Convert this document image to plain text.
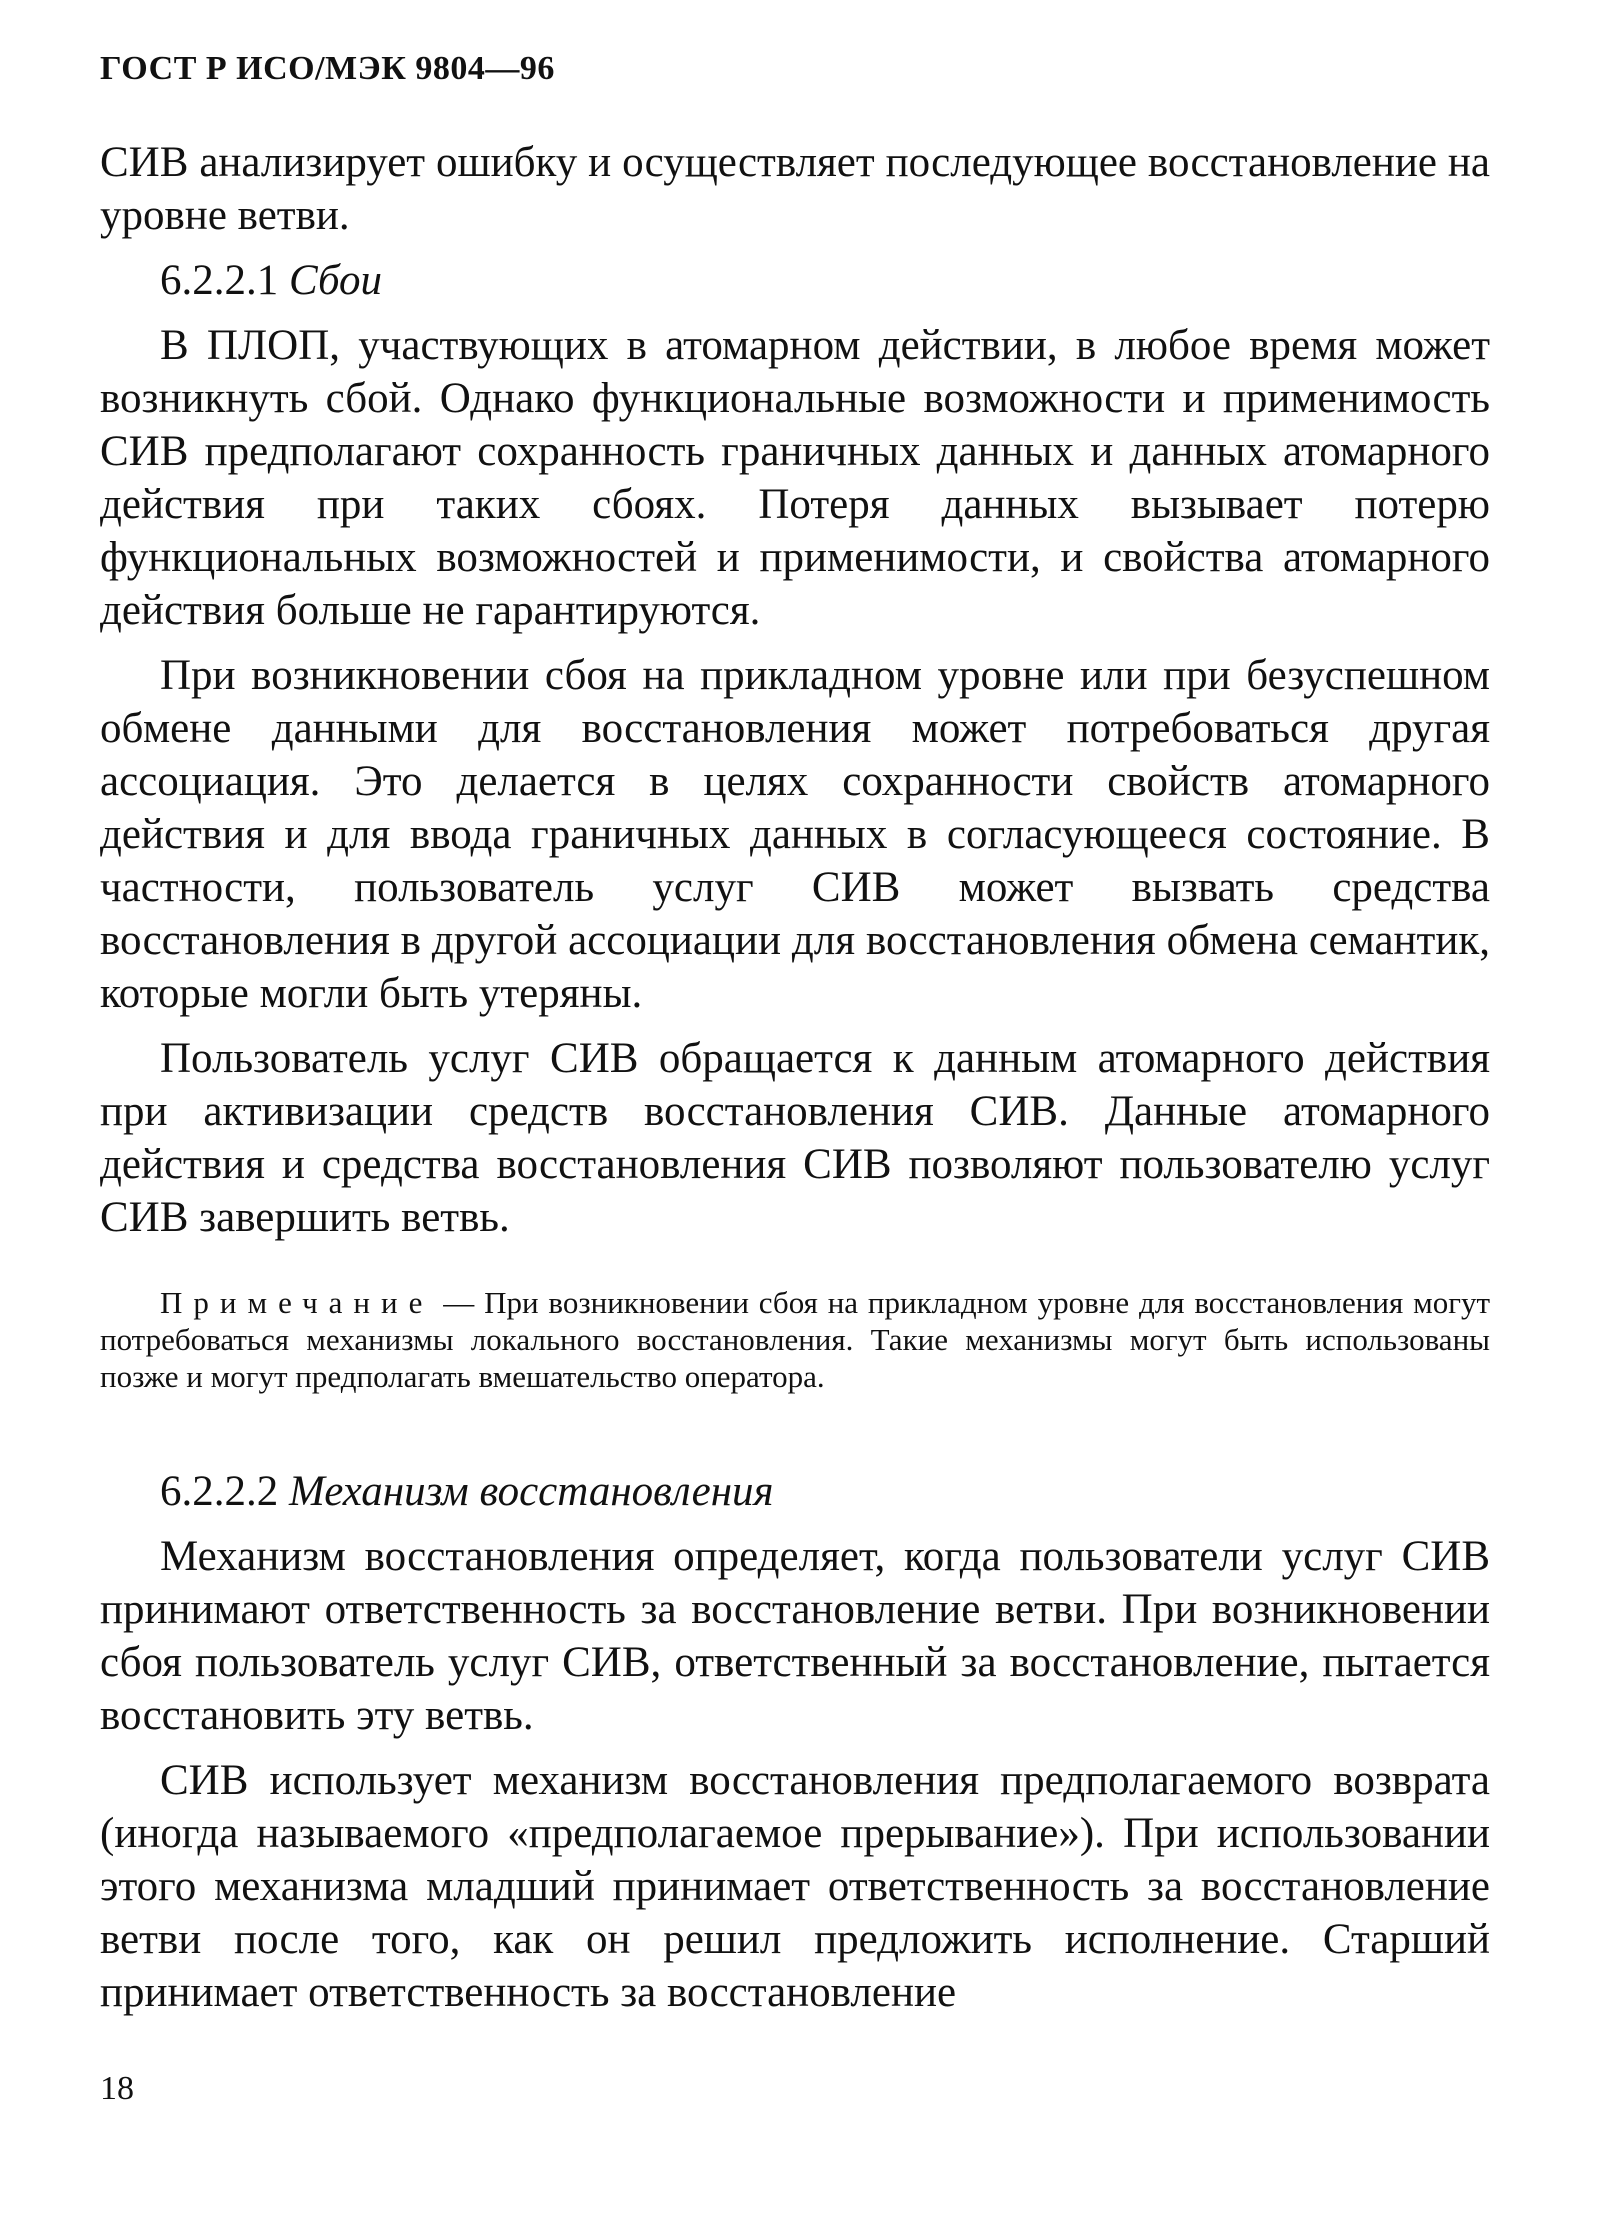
ГОСТ Р ИСО/МЭК 9804—96

СИВ анализирует ошибку и осуществляет последующее восстановление на уровне ветви.

6.2.2.1 Сбои

В ПЛОП, участвующих в атомарном действии, в любое время может возникнуть сбой. Однако функциональные возможности и применимость СИВ предполагают сохранность граничных данных и данных атомарного действия при таких сбоях. Потеря данных вызывает потерю функциональных возможностей и применимости, и свойства атомарного действия больше не гарантируются.

При возникновении сбоя на прикладном уровне или при безуспешном обмене данными для восстановления может потребоваться другая ассоциация. Это делается в целях сохранности свойств атомарного действия и для ввода граничных данных в согласующееся состояние. В частности, пользователь услуг СИВ может вызвать средства восстановления в другой ассоциации для восстановления обмена семантик, которые могли быть утеряны.

Пользователь услуг СИВ обращается к данным атомарного действия при активизации средств восстановления СИВ. Данные атомарного действия и средства восстановления СИВ позволяют пользователю услуг СИВ завершить ветвь.

Примечание — При возникновении сбоя на прикладном уровне для восстановления могут потребоваться механизмы локального восстановления. Такие механизмы могут быть использованы позже и могут предполагать вмешательство оператора.

6.2.2.2 Механизм восстановления

Механизм восстановления определяет, когда пользователи услуг СИВ принимают ответственность за восстановление ветви. При возникновении сбоя пользователь услуг СИВ, ответственный за восстановление, пытается восстановить эту ветвь.

СИВ использует механизм восстановления предполагаемого возврата (иногда называемого «предполагаемое прерывание»). При использовании этого механизма младший принимает ответственность за восстановление ветви после того, как он решил предложить исполнение. Старший принимает ответственность за восстановление

18
